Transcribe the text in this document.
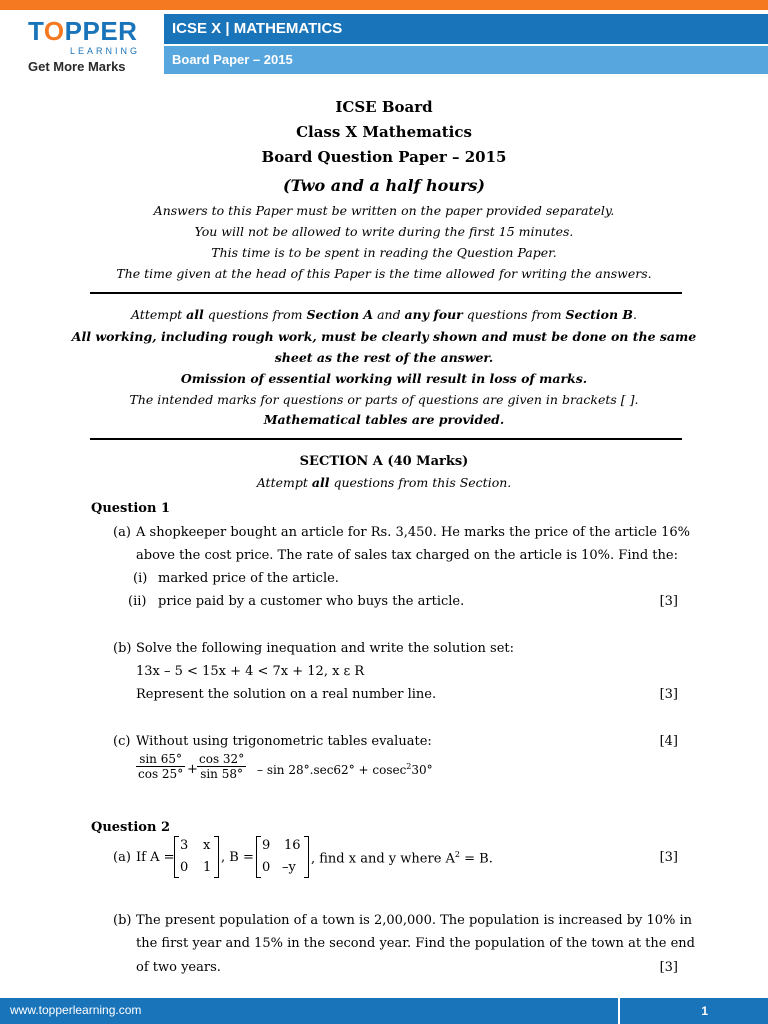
TOPPER
LEARNING
Get More Marks
ICSE X | MATHEMATICS
Board Paper – 2015
ICSE Board
Class X Mathematics
Board Question Paper – 2015
(Two and a half hours)
Answers to this Paper must be written on the paper provided separately.
You will not be allowed to write during the first 15 minutes.
This time is to be spent in reading the Question Paper.
The time given at the head of this Paper is the time allowed for writing the answers.
Attempt all questions from Section A and any four questions from Section B.
All working, including rough work, must be clearly shown and must be done on the same
sheet as the rest of the answer.
Omission of essential working will result in loss of marks.
The intended marks for questions or parts of questions are given in brackets [ ].
Mathematical tables are provided.
SECTION A (40 Marks)
Attempt all questions from this Section.
Question 1
(a) A shopkeeper bought an article for Rs. 3,450. He marks the price of the article 16%
above the cost price. The rate of sales tax charged on the article is 10%. Find the:
(i) marked price of the article.
(ii) price paid by a customer who buys the article.	[3]
(b) Solve the following inequation and write the solution set:
13x – 5 < 15x + 4 < 7x + 12, x ε R
Represent the solution on a real number line.	[3]
(c) Without using trigonometric tables evaluate:	[4]
$\frac{\sin 65^\circ}{\cos 25^\circ} + \frac{\cos 32^\circ}{\sin 58^\circ} - \sin 28^\circ.\sec 62^\circ + cosec^230^\circ$
Question 2
(a) If A =
3 x
0 1
, B =
9 16
0 –y
, find x and y where $A^2 = B$.	[3]
(b) The present population of a town is 2,00,000. The population is increased by 10% in
the first year and 15% in the second year. Find the population of the town at the end
of two years.	[3]
www.topperlearning.com	1
